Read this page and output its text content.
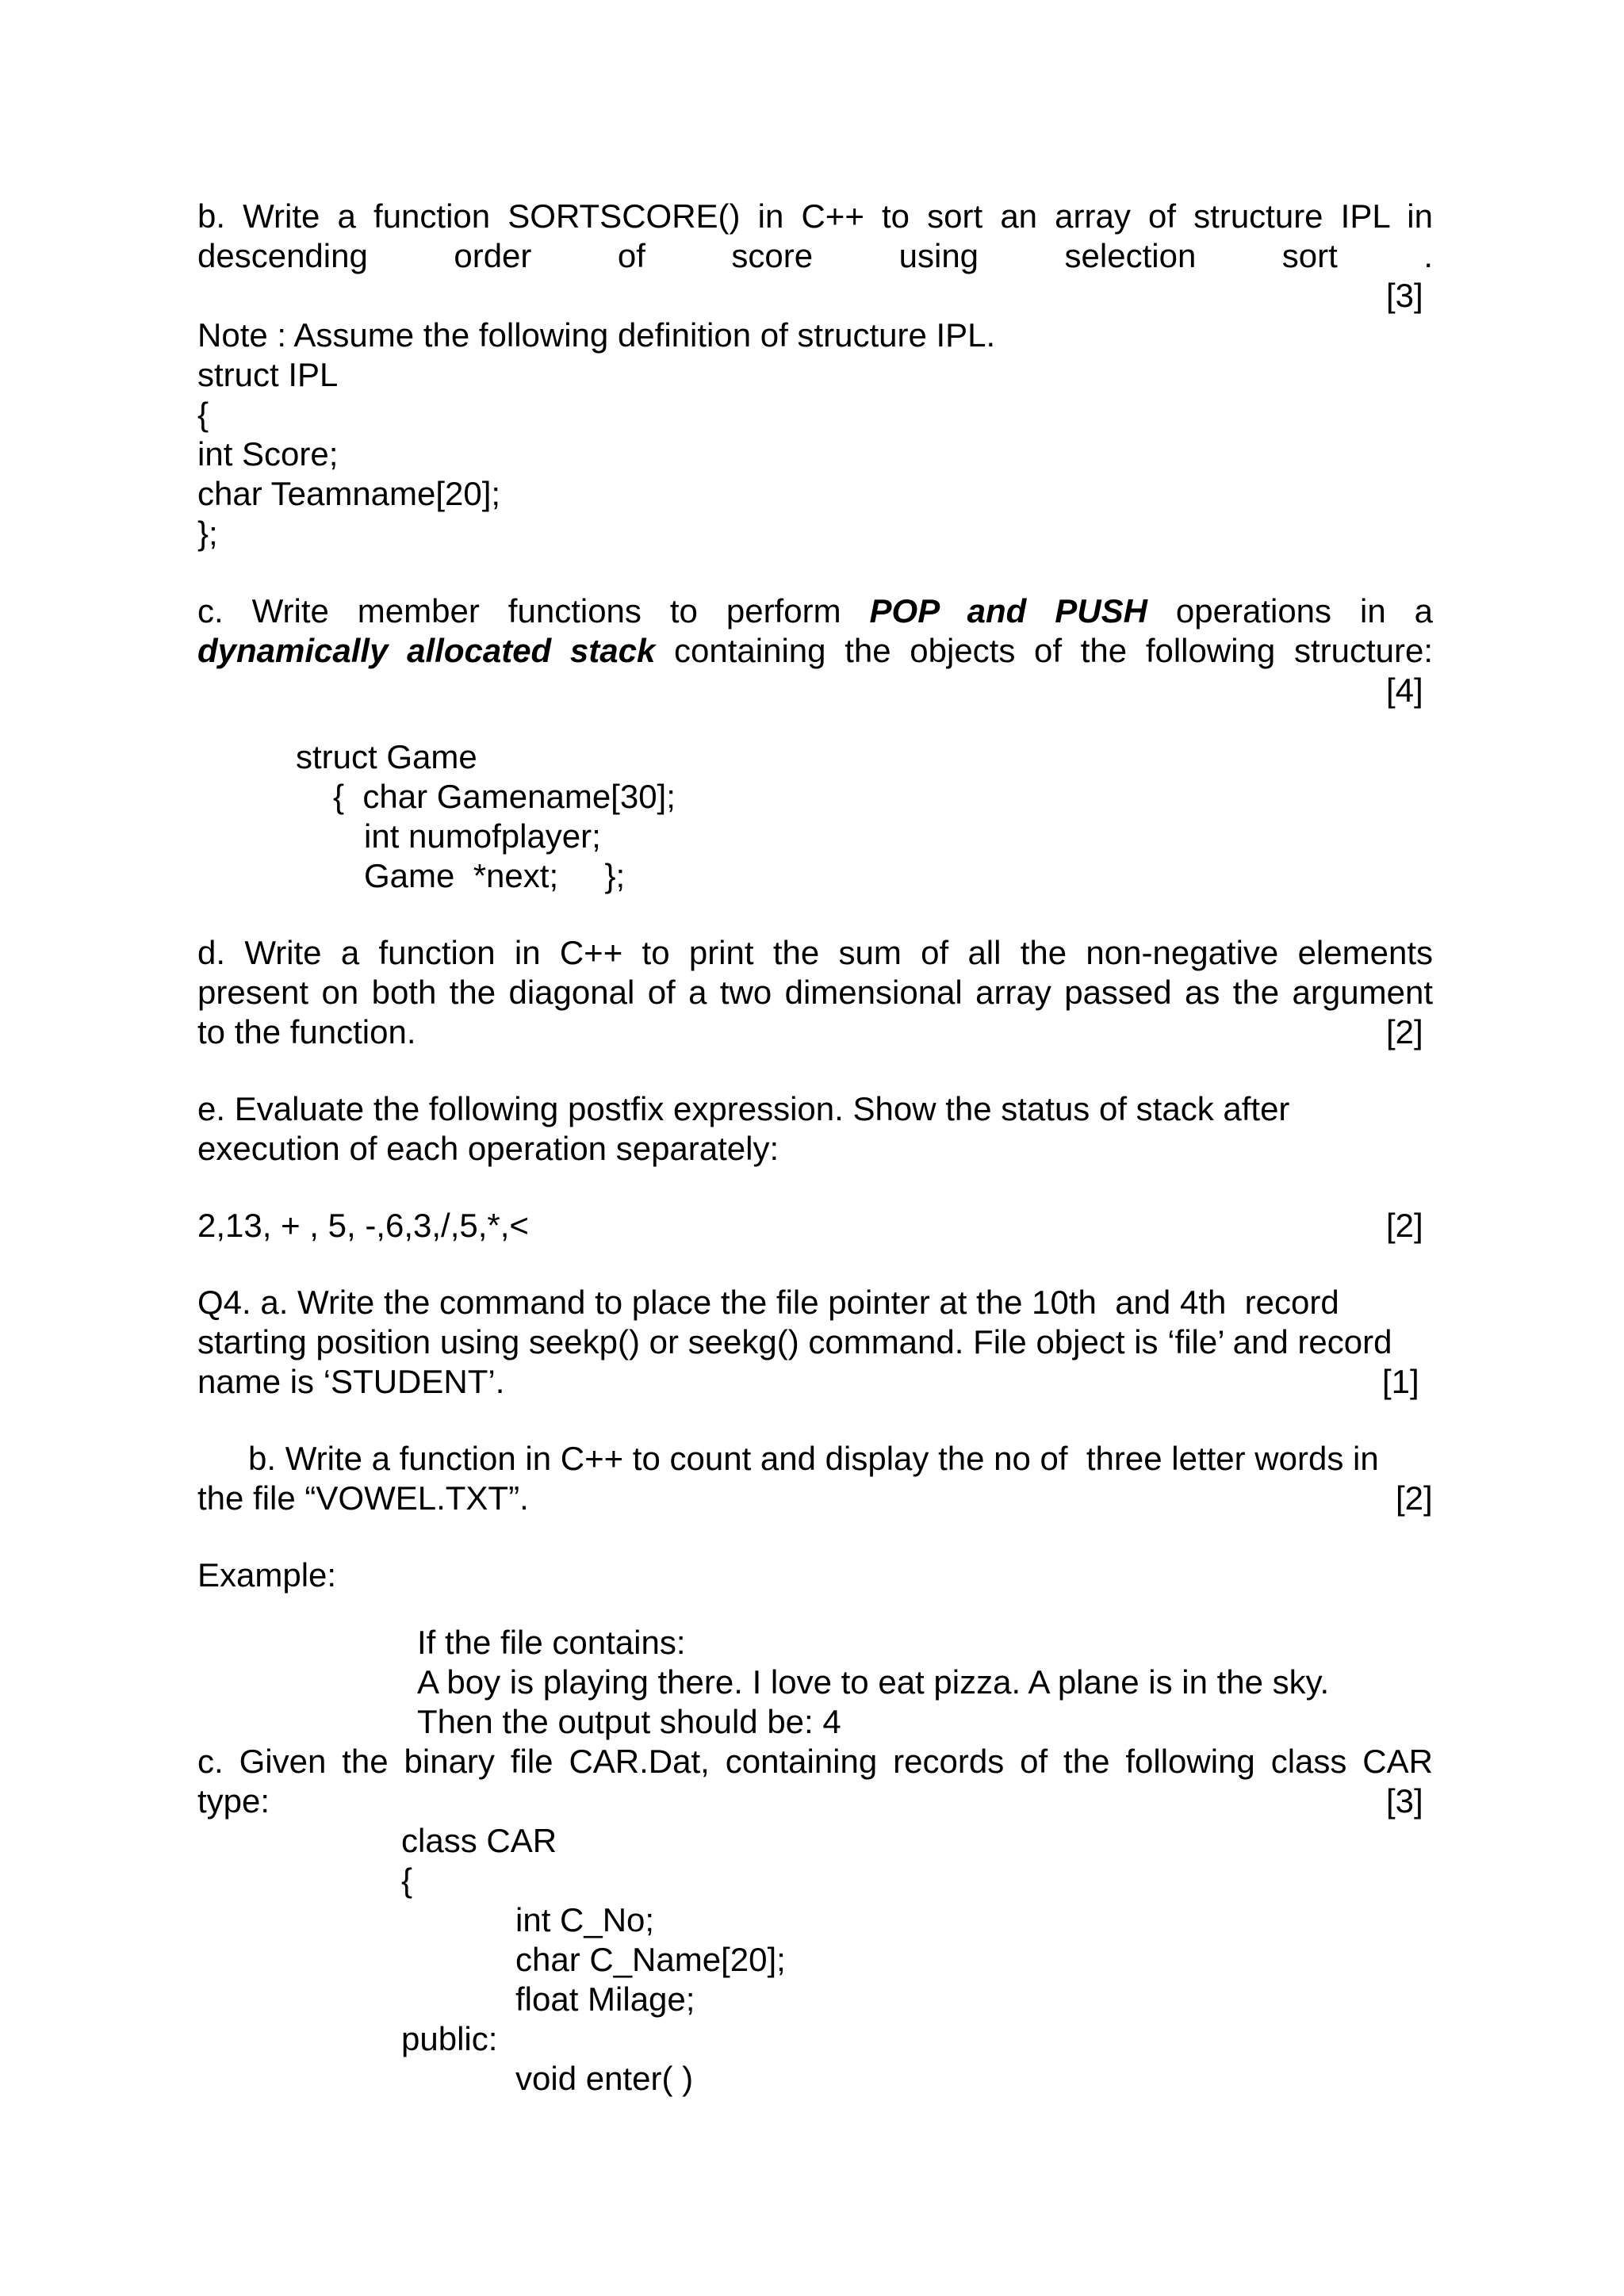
b. Write a function SORTSCORE() in C++ to sort an array of structure IPL in
descending order of score using selection sort .
[3]
Note : Assume the following definition of structure IPL.
struct IPL
{
int Score;
char Teamname[20];
};
c. Write member functions to perform POP and PUSH operations in a
dynamically allocated stack containing the objects of the following structure:
[4]
struct Game
{  char Gamename[30];
int numofplayer;
Game  *next;     };
d. Write a function in C++ to print the sum of all the non-negative elements
present on both the diagonal of a two dimensional array passed as the argument
to the function.	[2]
e. Evaluate the following postfix expression. Show the status of stack after
execution of each operation separately:
2,13, + , 5, -,6,3,/,5,*,<	[2]
Q4. a. Write the command to place the file pointer at the 10th  and 4th  record
starting position using seekp() or seekg() command. File object is ‘file’ and record
name is ‘STUDENT’.	[1]
b. Write a function in C++ to count and display the no of  three letter words in
the file “VOWEL.TXT”.	[2]
Example:
If the file contains:
A boy is playing there. I love to eat pizza. A plane is in the sky.
Then the output should be: 4
c. Given the binary file CAR.Dat, containing records of the following class CAR
type:	[3]
class CAR
{
int C_No;
char C_Name[20];
float Milage;
public:
void enter( )
